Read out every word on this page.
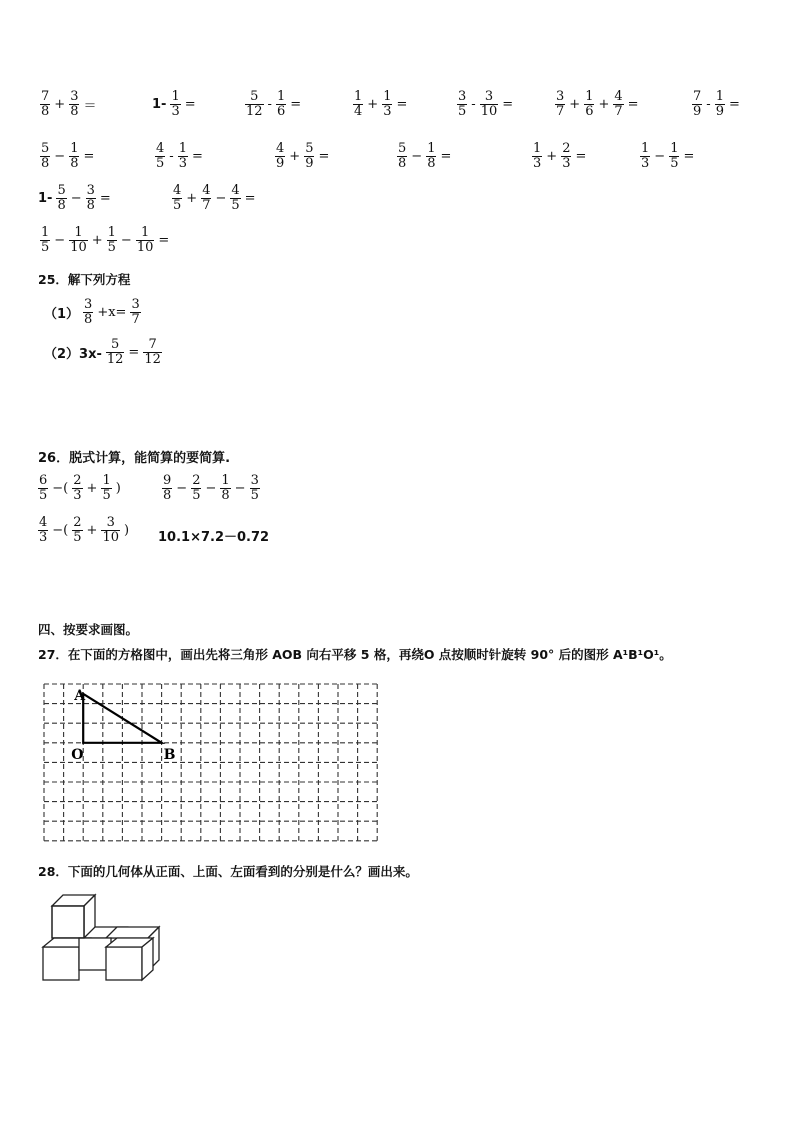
$\frac{7}{8} + \frac{3}{8}$ ＝	$1- \frac{1}{3}$ =	$\frac{5}{12} - \frac{1}{6}$ =	$\frac{1}{4} + \frac{1}{3}$ =	$\frac{3}{5} - \frac{3}{10}$ =	$\frac{3}{7} + \frac{1}{6} + \frac{4}{7}$ =	$\frac{7}{9} - \frac{1}{9}$ =
$\frac{5}{8} - \frac{1}{8}$ =	$\frac{4}{5} - \frac{1}{3}$ =	$\frac{4}{9} + \frac{5}{9}$ =	$\frac{5}{8} - \frac{1}{8}$ =	$\frac{1}{3} + \frac{2}{3}$ =	$\frac{1}{3} - \frac{1}{5}$ =
$1- \frac{5}{8} - \frac{3}{8}$ =	$\frac{4}{5} + \frac{4}{7} - \frac{4}{5}$ =
$\frac{1}{5} - \frac{1}{10} + \frac{1}{5} - \frac{1}{10}$ =
25．解下列方程
$(1) \frac{3}{8} +x= \frac{3}{7}$
$(2)3x- \frac{5}{12} = \frac{7}{12}$
26．脱式计算，能简算的要简算.
$\frac{6}{5}$ −( $\frac{2}{3} + \frac{1}{5}$ )	$\frac{9}{8} - \frac{2}{5} - \frac{1}{8} - \frac{3}{5}$
$\frac{4}{3}$ −( $\frac{2}{5} + \frac{3}{10}$ ) 10.1×7.2－0.72
四、按要求画图。
27．在下面的方格图中，画出先将三角形 AOB 向右平移 5 格，再绕O 点按顺时针旋转 90° 后的图形 A¹B¹O¹。
A
O	B
28．下面的几何体从正面、上面、左面看到的分别是什么？画出来。
